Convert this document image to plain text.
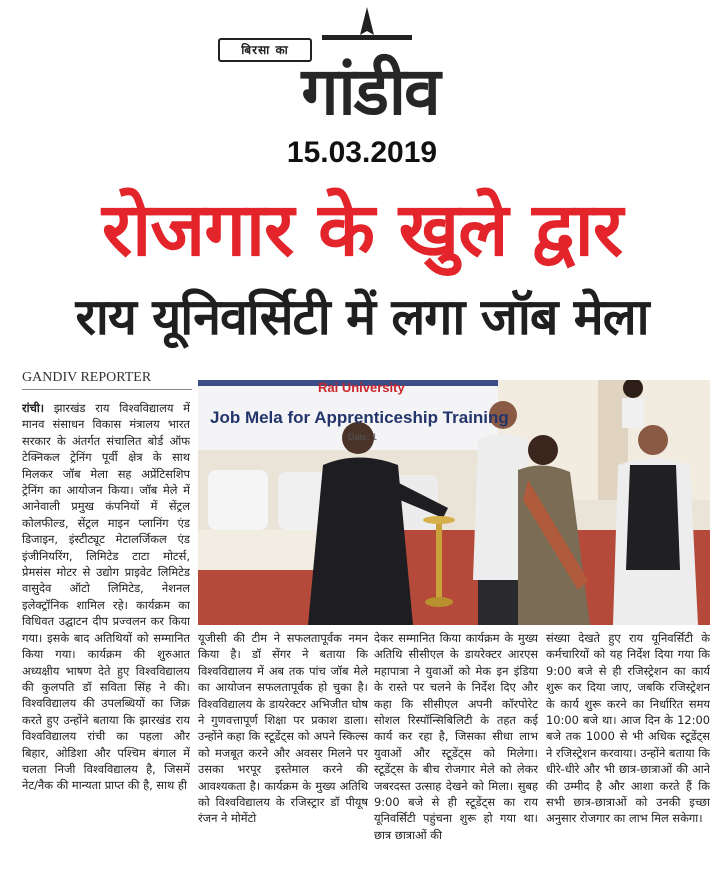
बिरसा का
गांडीव
15.03.2019
रोजगार के खुले द्वार
राय यूनिवर्सिटी में लगा जॉब मेला
GANDIV REPORTER
Rai University
Job Mela for Apprenticeship Training
Date: 1
रांची। झारखंड राय विश्वविद्यालय में मानव संसाधन विकास मंत्रालय भारत सरकार के अंतर्गत संचालित बोर्ड ऑफ टेक्निकल ट्रेनिंग पूर्वी क्षेत्र के साथ मिलकर जॉब मेला सह अप्रेंटिसशिप ट्रेनिंग का आयोजन किया। जॉब मेले में आनेवाली प्रमुख कंपनियों में सेंट्रल कोलफील्ड, सेंट्रल माइन प्लानिंग एंड डिजाइन, इंस्टीट्यूट मेटालर्जिकल एंड इंजीनियरिंग, लिमिटेड टाटा मोटर्स, प्रेमसंस मोटर से उद्योग प्राइवेट लिमिटेड वासुदेव ऑटो लिमिटेड, नेशनल इलेक्ट्रॉनिक शामिल रहे। कार्यक्रम का विधिवत उद्घाटन दीप प्रज्वलन कर किया गया। इसके बाद अतिथियों को सम्मानित किया गया। कार्यक्रम की शुरुआत अध्यक्षीय भाषण देते हुए विश्वविद्यालय की कुलपति डॉ सविता सिंह ने की। विश्वविद्यालय की उपलब्धियों का जिक्र करते हुए उन्होंने बताया कि झारखंड राय विश्वविद्यालय रांची का पहला और बिहार, ओडिशा और पश्चिम बंगाल में चलता निजी विश्वविद्यालय है, जिसमें नेट/नैक की मान्यता प्राप्त की है, साथ ही
यूजीसी की टीम ने सफलतापूर्वक नमन किया है। डॉ सेंगर ने बताया कि विश्वविद्यालय में अब तक पांच जॉब मेले का आयोजन सफलतापूर्वक हो चुका है। विश्वविद्यालय के डायरेक्टर अभिजीत घोष ने गुणवत्तापूर्ण शिक्षा पर प्रकाश डाला। उन्होंने कहा कि स्टूडेंट्स को अपने स्किल्स को मजबूत करने और अवसर मिलने पर उसका भरपूर इस्तेमाल करने की आवश्यकता है। कार्यक्रम के मुख्य अतिथि को विश्वविद्यालय के रजिस्ट्रार डॉ पीयूष रंजन ने मोमेंटो
देकर सम्मानित किया कार्यक्रम के मुख्य अतिथि सीसीएल के डायरेक्टर आरएस महापात्रा ने युवाओं को मेक इन इंडिया के रास्ते पर चलने के निर्देश दिए और कहा कि सीसीएल अपनी कॉरपोरेट सोशल रिस्पॉन्सिबिलिटी के तहत कई कार्य कर रहा है, जिसका सीधा लाभ युवाओं और स्टूडेंट्स को मिलेगा। स्टूडेंट्स के बीच रोजगार मेले को लेकर जबरदस्त उत्साह देखने को मिला। सुबह 9:00 बजे से ही स्टूडेंट्स का राय यूनिवर्सिटी पहुंचना शुरू हो गया था। छात्र छात्राओं की
संख्या देखते हुए राय यूनिवर्सिटी के कर्मचारियों को यह निर्देश दिया गया कि 9:00 बजे से ही रजिस्ट्रेशन का कार्य शुरू कर दिया जाए, जबकि रजिस्ट्रेशन के कार्य शुरू करने का निर्धारित समय 10:00 बजे था। आज दिन के 12:00 बजे तक 1000 से भी अधिक स्टूडेंट्स ने रजिस्ट्रेशन करवाया। उन्होंने बताया कि धीरे-धीरे और भी छात्र-छात्राओं की आने की उम्मीद है और आशा करते हैं कि सभी छात्र-छात्राओं को उनकी इच्छा अनुसार रोजगार का लाभ मिल सकेगा।
